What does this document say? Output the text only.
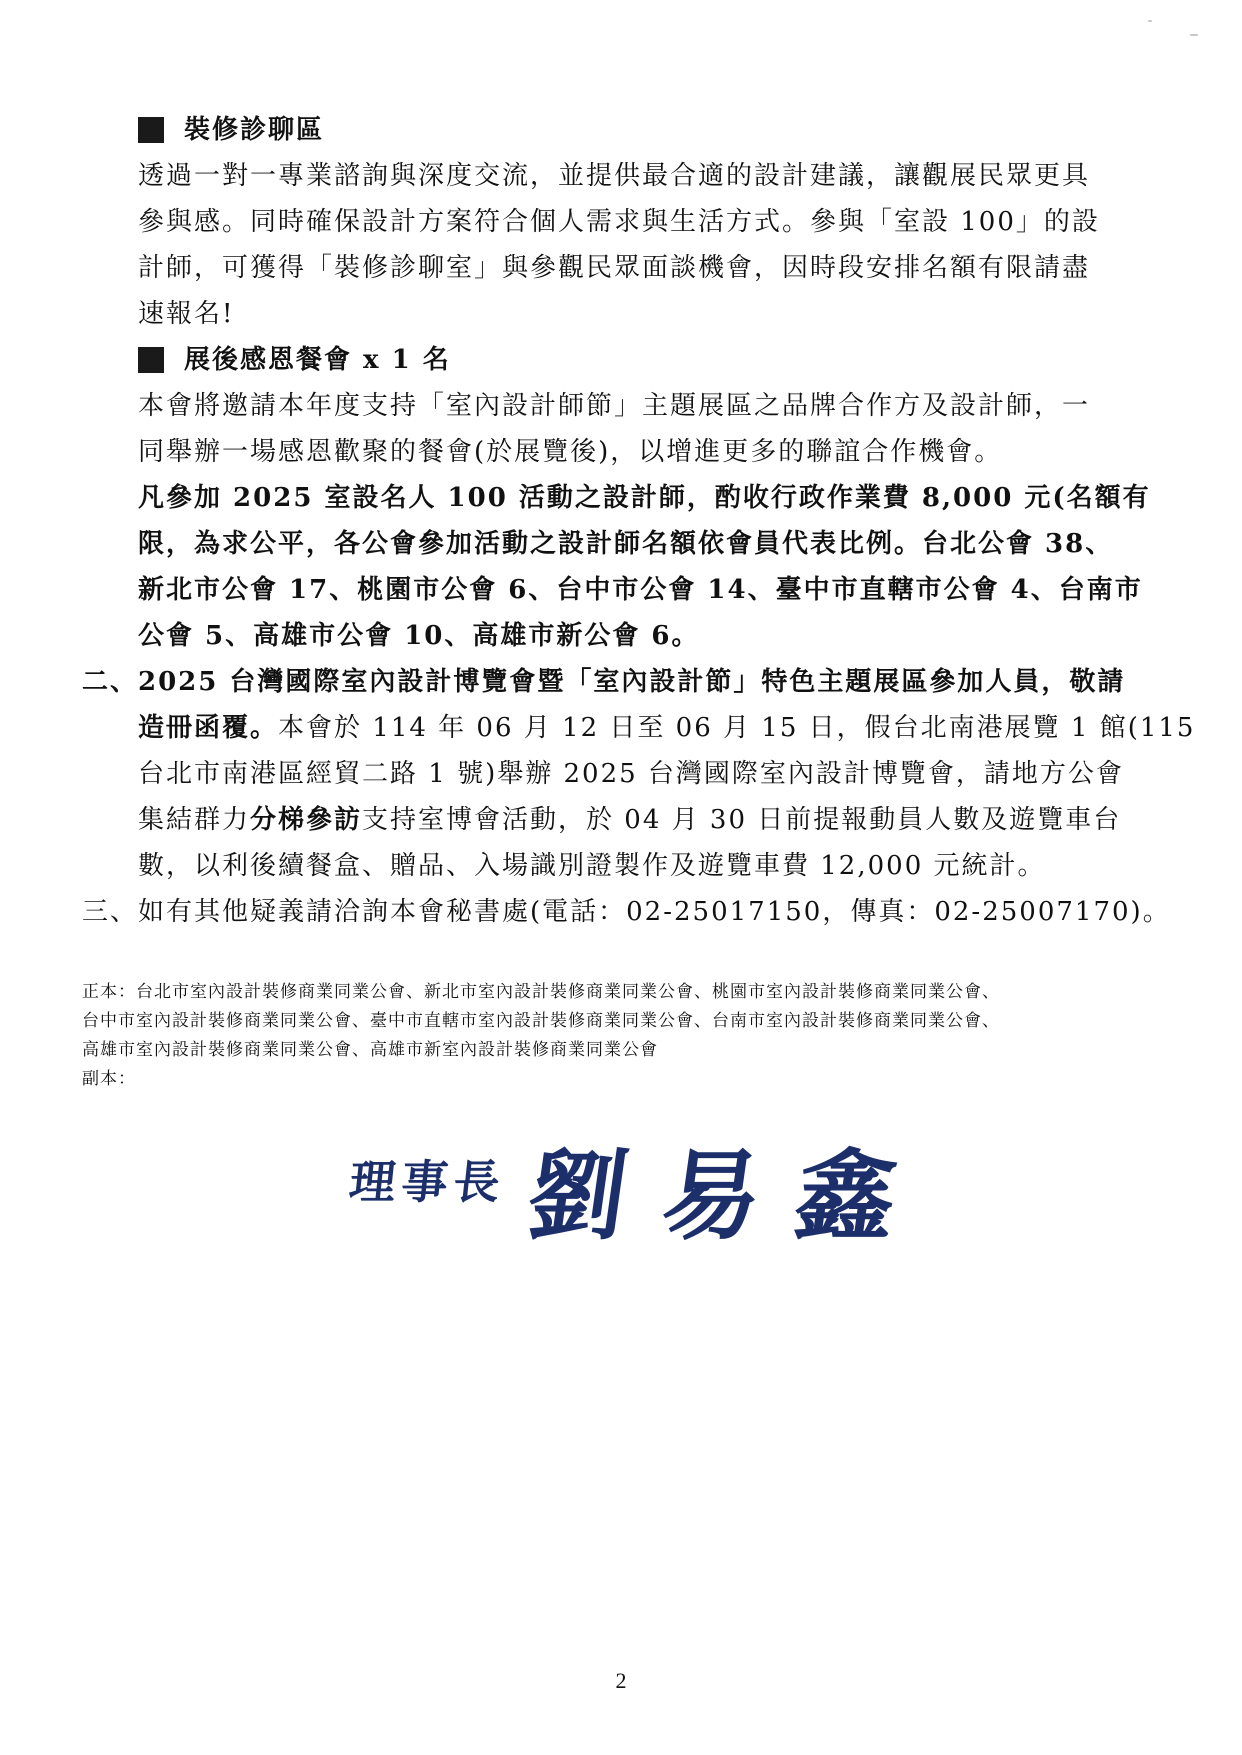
裝修診聊區
透過一對一專業諮詢與深度交流，並提供最合適的設計建議，讓觀展民眾更具
參與感。同時確保設計方案符合個人需求與生活方式。參與「室設 100」的設
計師，可獲得「裝修診聊室」與參觀民眾面談機會，因時段安排名額有限請盡
速報名!
展後感恩餐會 x 1 名
本會將邀請本年度支持「室內設計師節」主題展區之品牌合作方及設計師，一
同舉辦一場感恩歡聚的餐會(於展覽後)，以增進更多的聯誼合作機會。
凡參加 2025 室設名人 100 活動之設計師，酌收行政作業費 8,000 元(名額有
限，為求公平，各公會參加活動之設計師名額依會員代表比例。台北公會 38、
新北市公會 17、桃園市公會 6、台中市公會 14、臺中市直轄市公會 4、台南市
公會 5、高雄市公會 10、高雄市新公會 6。
二、 2025 台灣國際室內設計博覽會暨「室內設計節」特色主題展區參加人員，敬請
造冊函覆。本會於 114 年 06 月 12 日至 06 月 15 日，假台北南港展覽 1 館(115
台北市南港區經貿二路 1 號)舉辦 2025 台灣國際室內設計博覽會，請地方公會
集結群力分梯參訪支持室博會活動，於 04 月 30 日前提報動員人數及遊覽車台
數，以利後續餐盒、贈品、入場識別證製作及遊覽車費 12,000 元統計。
三、 如有其他疑義請洽詢本會秘書處(電話：02-25017150，傳真：02-25007170)。
正本：台北市室內設計裝修商業同業公會、新北市室內設計裝修商業同業公會、桃園市室內設計裝修商業同業公會、
台中市室內設計裝修商業同業公會、臺中市直轄市室內設計裝修商業同業公會、台南市室內設計裝修商業同業公會、
高雄市室內設計裝修商業同業公會、高雄市新室內設計裝修商業同業公會
副本：
理事長 劉易鑫
2
